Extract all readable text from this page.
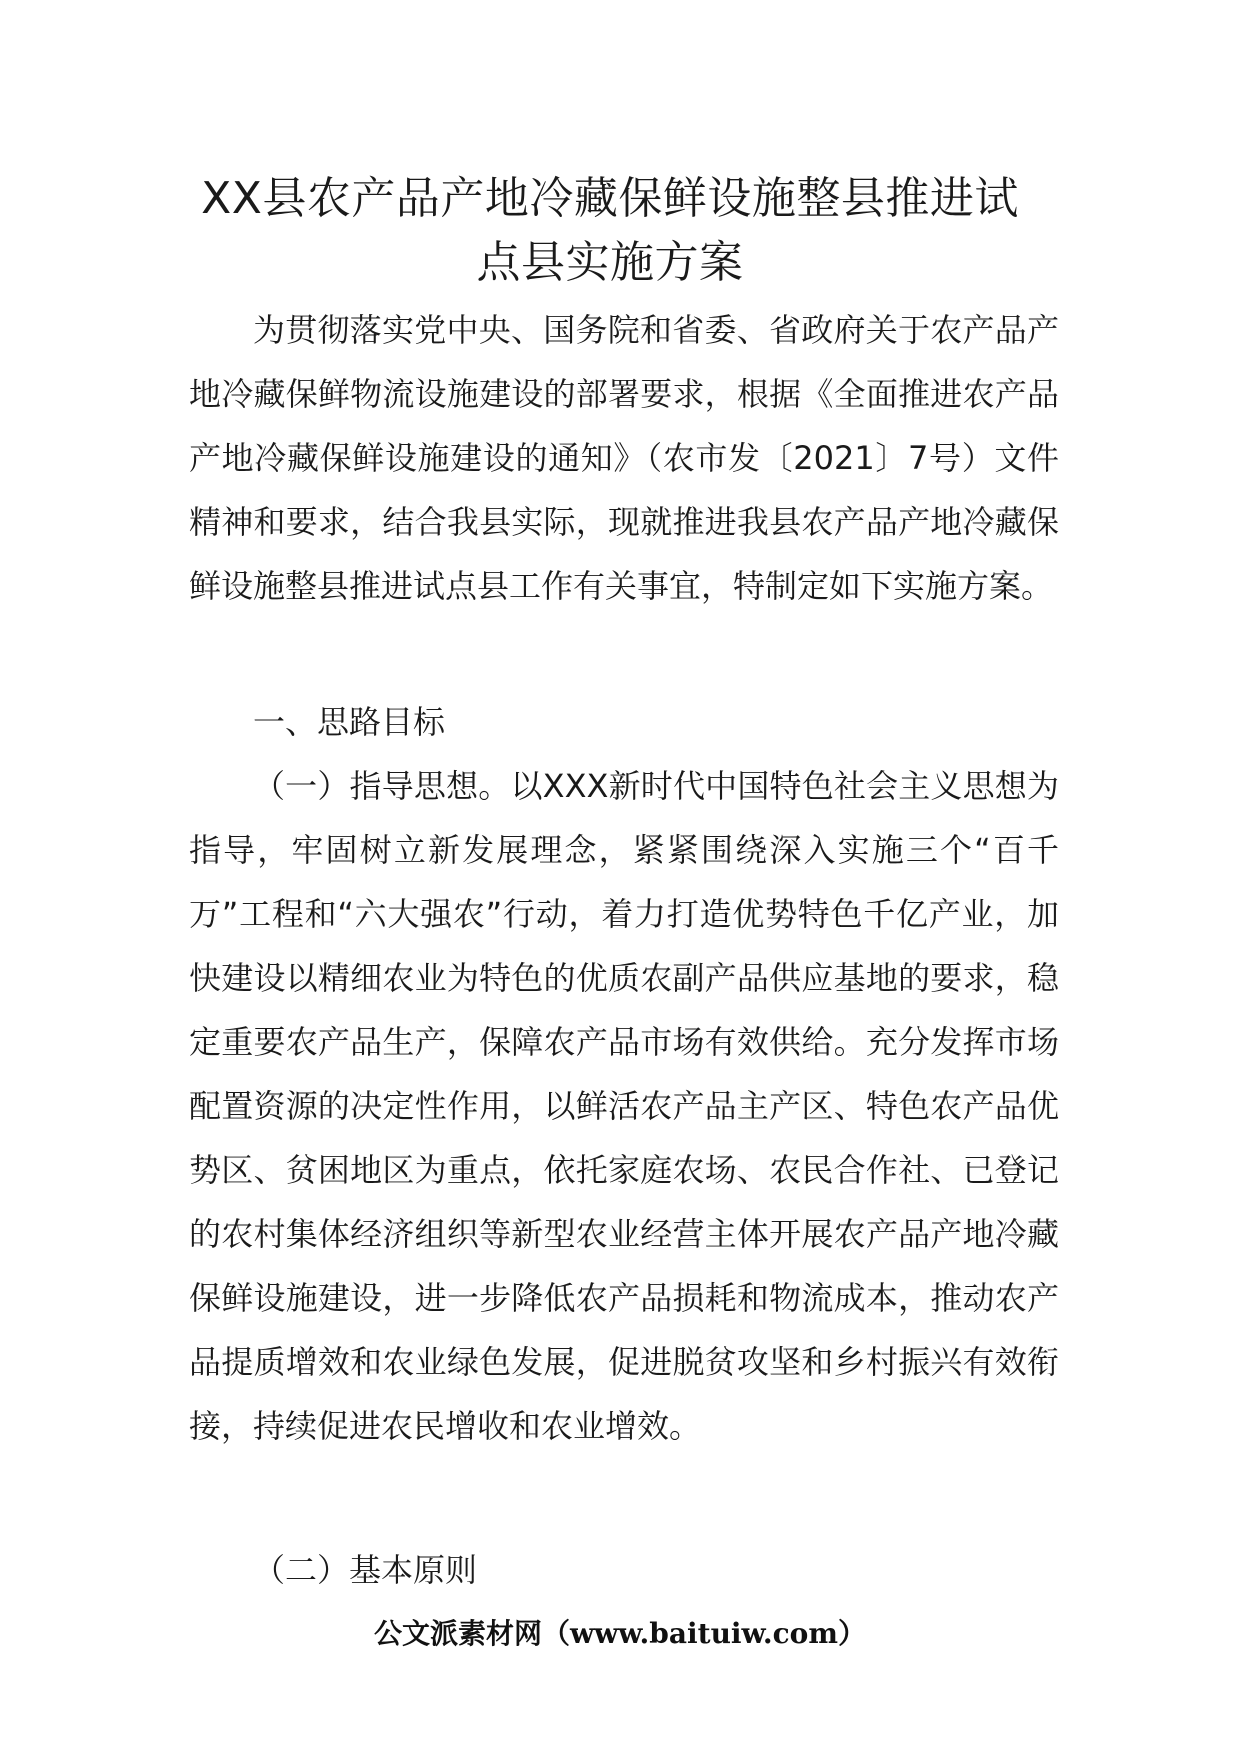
XX县农产品产地冷藏保鲜设施整县推进试
点县实施方案
为贯彻落实党中央、国务院和省委、省政府关于农产品产地冷藏保鲜物流设施建设的部署要求，根据《全面推进农产品产地冷藏保鲜设施建设的通知》（农市发〔2021〕7号）文件精神和要求，结合我县实际，现就推进我县农产品产地冷藏保鲜设施整县推进试点县工作有关事宜，特制定如下实施方案。
一、思路目标
（一）指导思想。以XXX新时代中国特色社会主义思想为指导，牢固树立新发展理念，紧紧围绕深入实施三个“百千万”工程和“六大强农”行动，着力打造优势特色千亿产业，加快建设以精细农业为特色的优质农副产品供应基地的要求，稳定重要农产品生产，保障农产品市场有效供给。充分发挥市场配置资源的决定性作用，以鲜活农产品主产区、特色农产品优势区、贫困地区为重点，依托家庭农场、农民合作社、已登记的农村集体经济组织等新型农业经营主体开展农产品产地冷藏保鲜设施建设，进一步降低农产品损耗和物流成本，推动农产品提质增效和农业绿色发展，促进脱贫攻坚和乡村振兴有效衔接，持续促进农民增收和农业增效。
（二）基本原则
公文派素材网（www.baituiw.com）
